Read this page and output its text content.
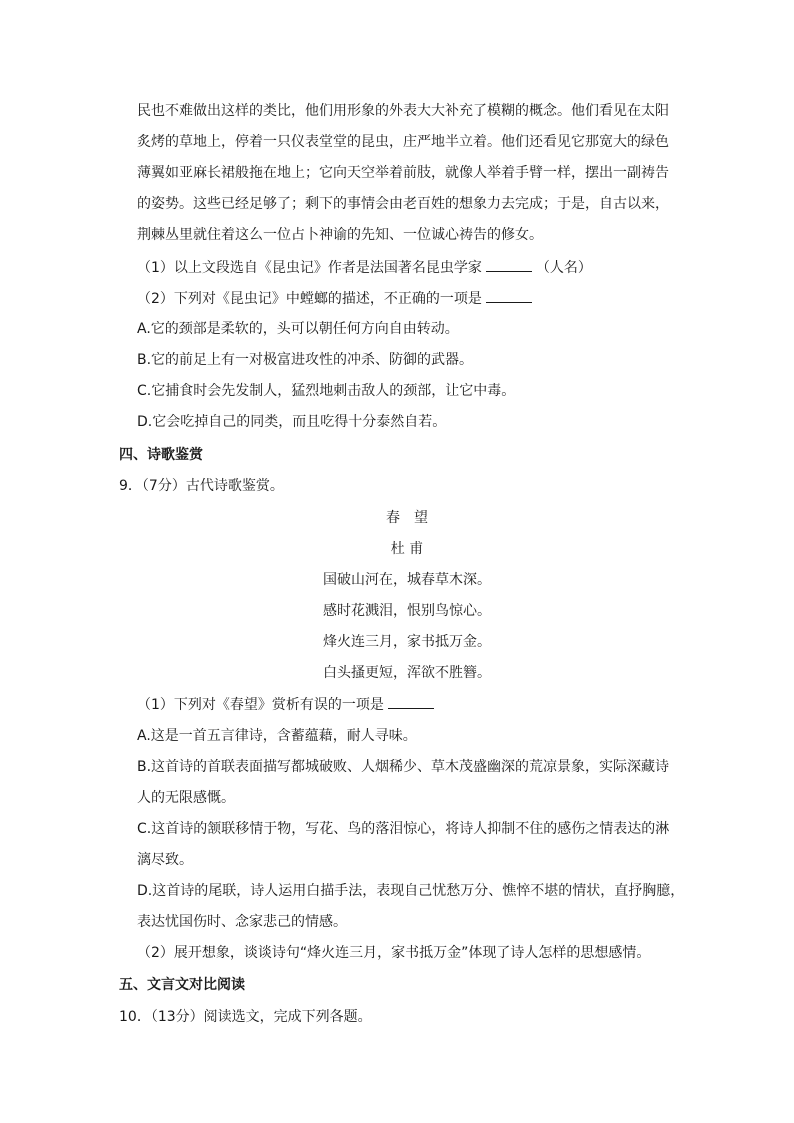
民也不难做出这样的类比，他们用形象的外表大大补充了模糊的概念。他们看见在太阳
炙烤的草地上，停着一只仪表堂堂的昆虫，庄严地半立着。他们还看见它那宽大的绿色
薄翼如亚麻长裙般拖在地上；它向天空举着前肢，就像人举着手臂一样，摆出一副祷告
的姿势。这些已经足够了；剩下的事情会由老百姓的想象力去完成；于是，自古以来，
荆棘丛里就住着这么一位占卜神谕的先知、一位诚心祷告的修女。
（1）以上文段选自《昆虫记》作者是法国著名昆虫学家	（人名）
（2）下列对《昆虫记》中螳螂的描述，不正确的一项是
A.它的颈部是柔软的，头可以朝任何方向自由转动。
B.它的前足上有一对极富进攻性的冲杀、防御的武器。
C.它捕食时会先发制人，猛烈地刺击敌人的颈部，让它中毒。
D.它会吃掉自己的同类，而且吃得十分泰然自若。
四、诗歌鉴赏
9．（7分）古代诗歌鉴赏。
春　望
杜 甫
国破山河在，城春草木深。
感时花溅泪，恨别鸟惊心。
烽火连三月，家书抵万金。
白头搔更短，浑欲不胜簪。
（1）下列对《春望》赏析有误的一项是
A.这是一首五言律诗，含蓄蕴藉，耐人寻味。
B.这首诗的首联表面描写都城破败、人烟稀少、草木茂盛幽深的荒凉景象，实际深藏诗
人的无限感慨。
C.这首诗的颔联移情于物，写花、鸟的落泪惊心，将诗人抑制不住的感伤之情表达的淋
漓尽致。
D.这首诗的尾联，诗人运用白描手法，表现自己忧愁万分、憔悴不堪的情状，直抒胸臆，
表达忧国伤时、念家悲己的情感。
（2）展开想象，谈谈诗句“烽火连三月，家书抵万金”体现了诗人怎样的思想感情。
五、文言文对比阅读
10．（13分）阅读选文，完成下列各题。
